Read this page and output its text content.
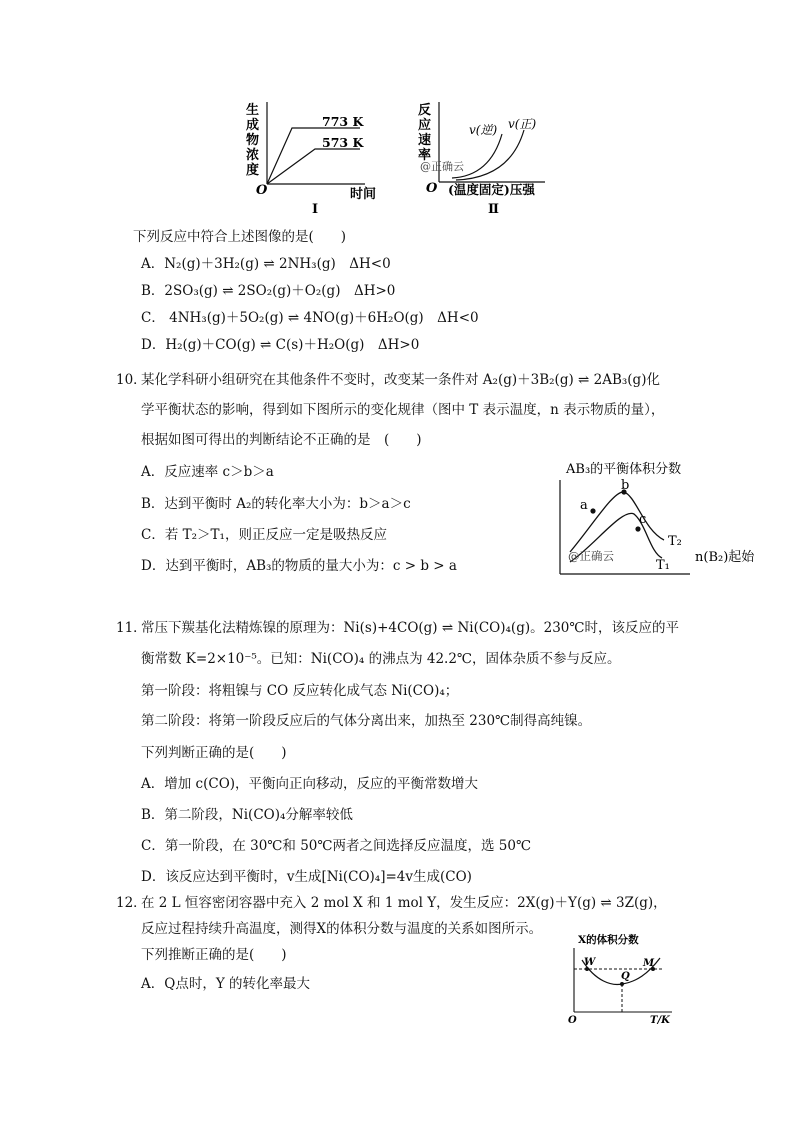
生
成
物
浓
度
773 K
573 K
O	时间
Ⅰ
反
应
速
率
v(逆) v(正)
@正确云
O (温度固定)压强
Ⅱ
下列反应中符合上述图像的是(　　)
A．N₂(g)＋3H₂(g) ⇌ 2NH₃(g)　ΔH<0
B．2SO₃(g) ⇌ 2SO₂(g)＋O₂(g)　ΔH>0
C． 4NH₃(g)＋5O₂(g) ⇌ 4NO(g)＋6H₂O(g)　ΔH<0
D．H₂(g)＋CO(g) ⇌ C(s)＋H₂O(g)　ΔH>0
10．
某化学科研小组研究在其他条件不变时，改变某一条件对 A₂(g)＋3B₂(g) ⇌ 2AB₃(g)化
学平衡状态的影响，得到如下图所示的变化规律（图中 T 表示温度，n 表示物质的量），
根据如图可得出的判断结论不正确的是　(　　)
A．反应速率 c＞b＞a
B．达到平衡时 A₂的转化率大小为：b＞a＞c
C．若 T₂＞T₁，则正反应一定是吸热反应
D．达到平衡时，AB₃的物质的量大小为：c > b > a
AB₃的平衡体积分数
a
b
c
T₂
T₁
n(B₂)起始
@正确云
11．
常压下羰基化法精炼镍的原理为：Ni(s)+4CO(g) ⇌ Ni(CO)₄(g)。230℃时，该反应的平
衡常数 K=2×10⁻⁵。已知：Ni(CO)₄ 的沸点为 42.2℃，固体杂质不参与反应。
第一阶段：将粗镍与 CO 反应转化成气态 Ni(CO)₄；
第二阶段：将第一阶段反应后的气体分离出来，加热至 230℃制得高纯镍。
下列判断正确的是(　　)
A．增加 c(CO)，平衡向正向移动，反应的平衡常数增大
B．第二阶段，Ni(CO)₄分解率较低
C．第一阶段，在 30℃和 50℃两者之间选择反应温度，选 50℃
D．该反应达到平衡时，v生成[Ni(CO)₄]=4v生成(CO)
12．
在 2 L 恒容密闭容器中充入 2 mol X 和 1 mol Y，发生反应：2X(g)＋Y(g) ⇌ 3Z(g)，
反应过程持续升高温度，测得X的体积分数与温度的关系如图所示。
下列推断正确的是(　　)
A．Q点时，Y 的转化率最大
X的体积分数
W
Q
M
O	T/K
